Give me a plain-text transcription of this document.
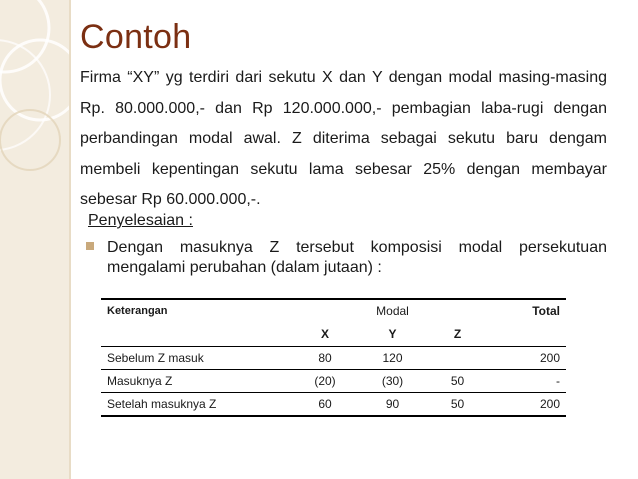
Contoh

Firma “XY” yg terdiri dari sekutu X dan Y dengan modal masing-masing Rp. 80.000.000,- dan Rp 120.000.000,- pembagian laba-rugi dengan perbandingan modal awal. Z diterima sebagai sekutu baru dengam membeli kepentingan sekutu lama sebesar 25% dengan membayar sebesar Rp 60.000.000,-.

Penyelesaian :

Dengan masuknya Z tersebut komposisi modal persekutuan mengalami perubahan (dalam jutaan) :

Keterangan		Modal		Total
	X	Y	Z	
Sebelum Z masuk	80	120		200
Masuknya Z	(20)	(30)	50	-
Setelah masuknya Z	60	90	50	200
